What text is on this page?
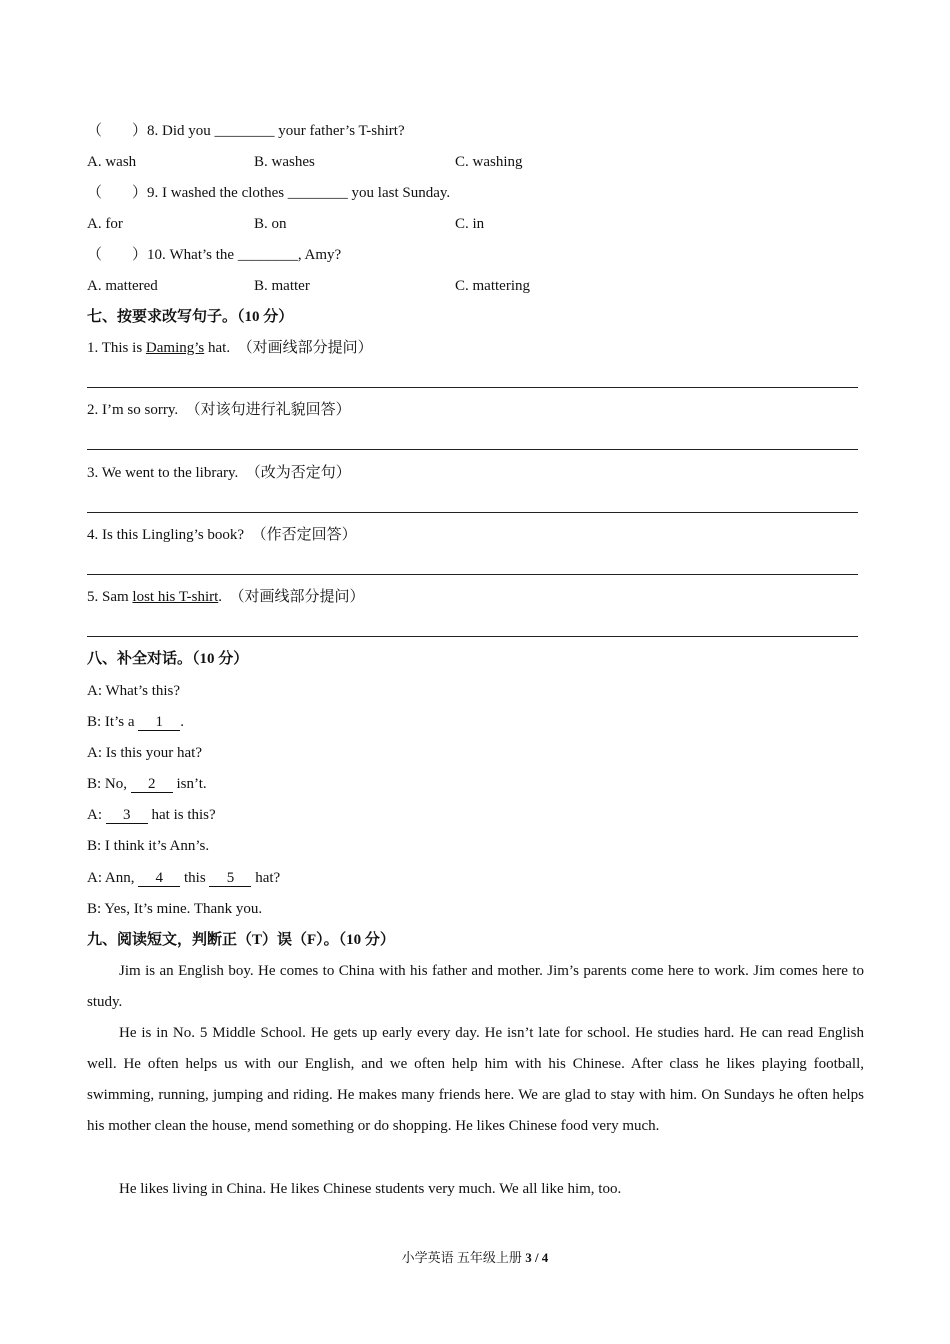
（　　）8. Did you ________ your father’s T-shirt?
A. wash	B. washes	C. washing
（　　）9. I washed the clothes ________ you last Sunday.
A. for	B. on	C. in
（　　）10. What’s the ________, Amy?
A. mattered	B. matter	C. mattering
七、按要求改写句子。（10 分）
1. This is Daming’s hat. （对画线部分提问）
2. I’m so sorry. （对该句进行礼貌回答）
3. We went to the library. （改为否定句）
4. Is this Lingling’s book? （作否定回答）
5. Sam lost his T-shirt. （对画线部分提问）
八、补全对话。（10 分）
A: What’s this?
B: It’s a 1 .
A: Is this your hat?
B: No, 2 isn’t.
A: 3 hat is this?
B: I think it’s Ann’s.
A: Ann, 4 this 5 hat?
B: Yes, It’s mine. Thank you.
九、阅读短文，判断正（T）误（F）。（10 分）
Jim is an English boy. He comes to China with his father and mother. Jim’s parents come here to work. Jim comes here to study.
He is in No. 5 Middle School. He gets up early every day. He isn’t late for school. He studies hard. He can read English well. He often helps us with our English, and we often help him with his Chinese. After class he likes playing football, swimming, running, jumping and riding. He makes many friends here. We are glad to stay with him. On Sundays he often helps his mother clean the house, mend something or do shopping. He likes Chinese food very much.
He likes living in China. He likes Chinese students very much. We all like him, too.
小学英语 五年级上册 3 / 4
